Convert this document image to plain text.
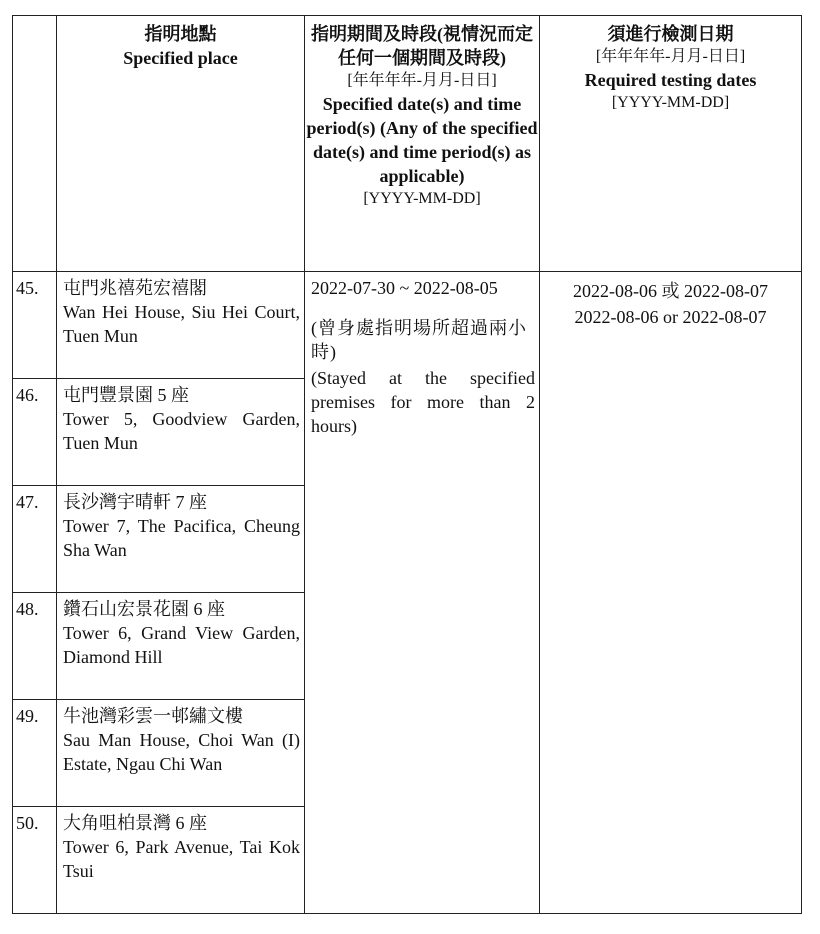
	指明地點
Specified place	指明期間及時段(視情況而定任何一個期間及時段)
[年年年年-月月-日日]
Specified date(s) and time period(s) (Any of the specified date(s) and time period(s) as applicable)
[YYYY-MM-DD]	須進行檢測日期
[年年年年-月月-日日]
Required testing dates
[YYYY-MM-DD]

45.	屯門兆禧苑宏禧閣
Wan Hei House, Siu Hei Court, Tuen Mun	2022-07-30 ~ 2022-08-05
(曾身處指明場所超過兩小時)
(Stayed at the specified premises for more than 2 hours)	2022-08-06 或 2022-08-07
2022-08-06 or 2022-08-07

46.	屯門豐景園 5 座
Tower 5, Goodview Garden, Tuen Mun		

47.	長沙灣宇晴軒 7 座
Tower 7, The Pacifica, Cheung Sha Wan		

48.	鑽石山宏景花園 6 座
Tower 6, Grand View Garden, Diamond Hill		

49.	牛池灣彩雲一邨繡文樓
Sau Man House, Choi Wan (I) Estate, Ngau Chi Wan		

50.	大角咀柏景灣 6 座
Tower 6, Park Avenue, Tai Kok Tsui		
